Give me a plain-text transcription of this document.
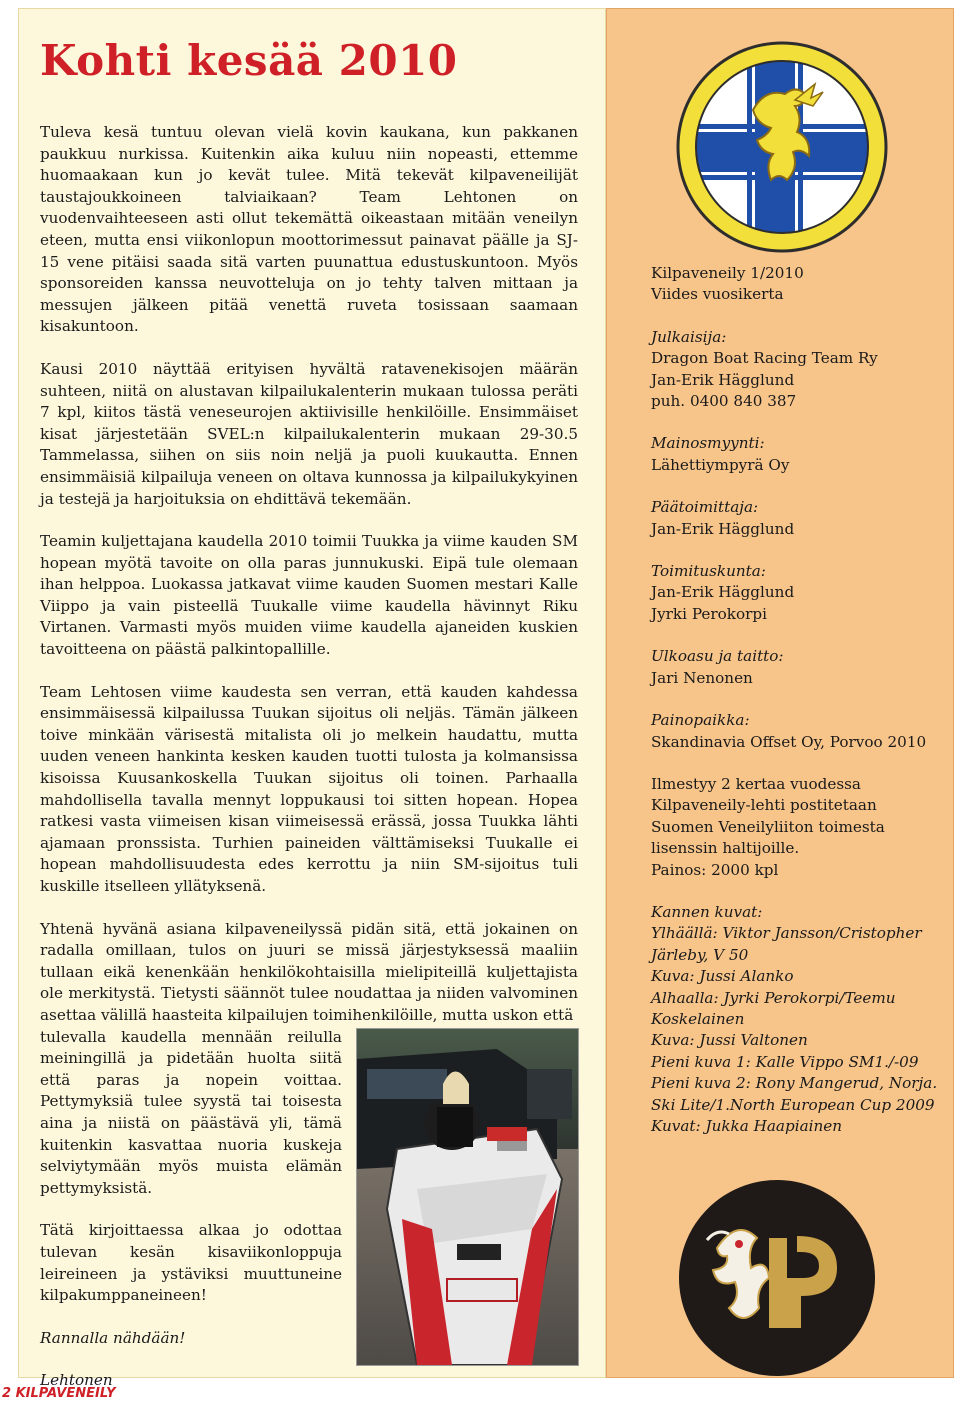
Kohti kesää 2010

Tuleva kesä tuntuu olevan vielä kovin kaukana, kun pakkanen paukkuu nurkissa. Kuitenkin aika kuluu niin nopeasti, ettemme huomaakaan kun jo kevät tulee. Mitä tekevät kilpaveneilijät taustajoukkoineen talviaikaan? Team Lehtonen on vuodenvaihteeseen asti ollut tekemättä oikeastaan mitään veneilyn eteen, mutta ensi viikonlopun moottorimessut painavat päälle ja SJ-15 vene pitäisi saada sitä varten puunattua edustuskuntoon. Myös sponsoreiden kanssa neuvotteluja on jo tehty talven mittaan ja messujen jälkeen pitää venettä ruveta tosissaan saamaan kisakuntoon.

Kausi 2010 näyttää erityisen hyvältä ratavenekisojen määrän suhteen, niitä on alustavan kilpailukalenterin mukaan tulossa peräti 7 kpl, kiitos tästä veneseurojen aktiivisille henkilöille. Ensimmäiset kisat järjestetään SVEL:n kilpailukalenterin mukaan 29-30.5 Tammelassa, siihen on siis noin neljä ja puoli kuukautta. Ennen ensimmäisiä kilpailuja veneen on oltava kunnossa ja kilpailukykyinen ja testejä ja harjoituksia on ehdittävä tekemään.

Teamin kuljettajana kaudella 2010 toimii Tuukka ja viime kauden SM hopean myötä tavoite on olla paras junnukuski. Eipä tule olemaan ihan helppoa. Luokassa jatkavat viime kauden Suomen mestari Kalle Viippo ja vain pisteellä Tuukalle viime kaudella hävinnyt Riku Virtanen. Varmasti myös muiden viime kaudella ajaneiden kuskien tavoitteena on päästä palkintopallille.

Team Lehtosen viime kaudesta sen verran, että kauden kahdessa ensimmäisessä kilpailussa Tuukan sijoitus oli neljäs. Tämän jälkeen toive minkään värisestä mitalista oli jo melkein haudattu, mutta uuden veneen hankinta kesken kauden tuotti tulosta ja kolmansissa kisoissa Kuusankoskella Tuukan sijoitus oli toinen. Parhaalla mahdollisella tavalla mennyt loppukausi toi sitten hopean. Hopea ratkesi vasta viimeisen kisan viimeisessä erässä, jossa Tuukka lähti ajamaan pronssista. Turhien paineiden välttämiseksi Tuukalle ei hopean mahdollisuudesta edes kerrottu ja niin SM-sijoitus tuli kuskille itselleen yllätyksenä.

Yhtenä hyvänä asiana kilpaveneilyssä pidän sitä, että jokainen on radalla omillaan, tulos on juuri se missä järjestyksessä maaliin tullaan eikä kenenkään henkilökohtaisilla mielipiteillä kuljettajista ole merkitystä. Tietysti säännöt tulee noudattaa ja niiden valvominen asettaa välillä haasteita kilpailujen toimihenkilöille, mutta uskon että

tulevalla kaudella mennään reilulla meiningillä ja pidetään huolta siitä että paras ja nopein voittaa. Pettymyksiä tulee syystä tai toisesta aina ja niistä on päästävä yli, tämä kuitenkin kasvattaa nuoria kuskeja selviytymään myös muista elämän pettymyksistä.

Tätä kirjoittaessa alkaa jo odottaa tulevan kesän kisaviikonloppuja leireineen ja ystäviksi muuttuneine kilpakumppaneineen!

Rannalla nähdään!

Lehtonen

Kilpaveneily 1/2010
Viides vuosikerta
Julkaisija:
Dragon Boat Racing Team Ry
Jan-Erik Hägglund
puh. 0400 840 387
Mainosmyynti:
Lähettiympyrä Oy
Päätoimittaja:
Jan-Erik Hägglund
Toimituskunta:
Jan-Erik Hägglund
Jyrki Perokorpi
Ulkoasu ja taitto:
Jari Nenonen
Painopaikka:
Skandinavia Offset Oy, Porvoo 2010
Ilmestyy 2 kertaa vuodessa
Kilpaveneily-lehti postitetaan
Suomen Veneilyliiton toimesta
lisenssin haltijoille.
Painos: 2000 kpl
Kannen kuvat:
Ylhäällä: Viktor Jansson/Cristopher
Järleby, V 50
Kuva: Jussi Alanko
Alhaalla: Jyrki Perokorpi/Teemu
Koskelainen
Kuva: Jussi Valtonen
Pieni kuva 1: Kalle Vippo SM1./-09
Pieni kuva 2: Rony Mangerud, Norja.
Ski Lite/1.North European Cup 2009
Kuvat: Jukka Haapiainen
2 KILPAVENEILY
